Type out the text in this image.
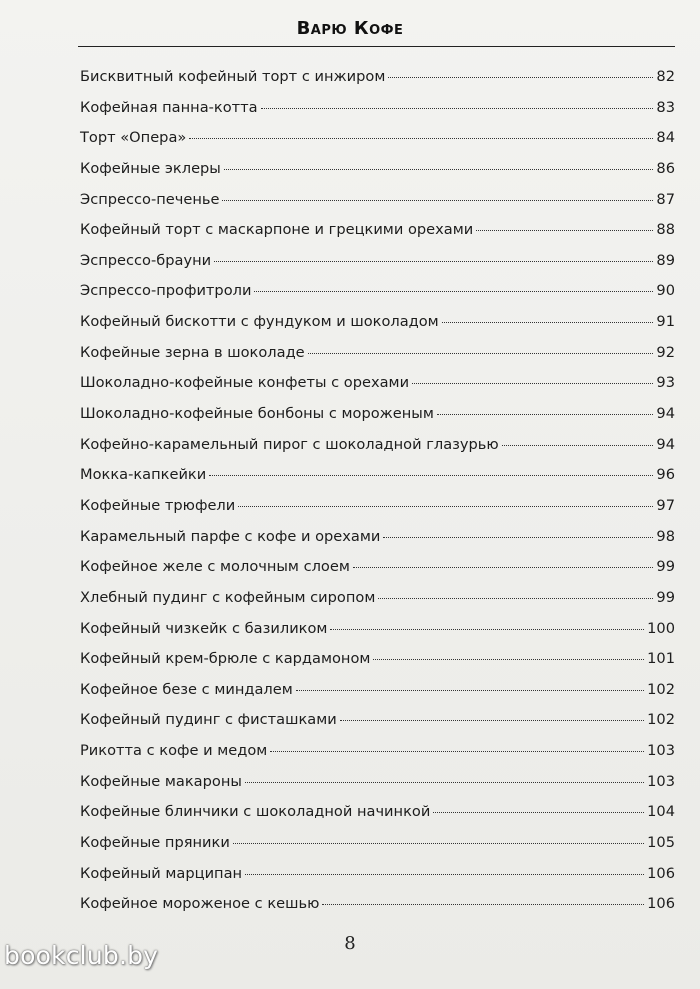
Варю Кофе
Бисквитный кофейный торт с инжиром	82
Кофейная панна-котта	83
Торт «Опера»	84
Кофейные эклеры	86
Эспрессо-печенье	87
Кофейный торт с маскарпоне и грецкими орехами	88
Эспрессо-брауни	89
Эспрессо-профитроли	90
Кофейный бискотти с фундуком и шоколадом	91
Кофейные зерна в шоколаде	92
Шоколадно-кофейные конфеты с орехами	93
Шоколадно-кофейные бонбоны с мороженым	94
Кофейно-карамельный пирог с шоколадной глазурью	94
Мокка-капкейки	96
Кофейные трюфели	97
Карамельный парфе с кофе и орехами	98
Кофейное желе с молочным слоем	99
Хлебный пудинг с кофейным сиропом	99
Кофейный чизкейк с базиликом	100
Кофейный крем-брюле с кардамоном	101
Кофейное безе с миндалем	102
Кофейный пудинг с фисташками	102
Рикотта с кофе и медом	103
Кофейные макароны	103
Кофейные блинчики с шоколадной начинкой	104
Кофейные пряники	105
Кофейный марципан	106
Кофейное мороженое с кешью	106
8
bookclub.by
